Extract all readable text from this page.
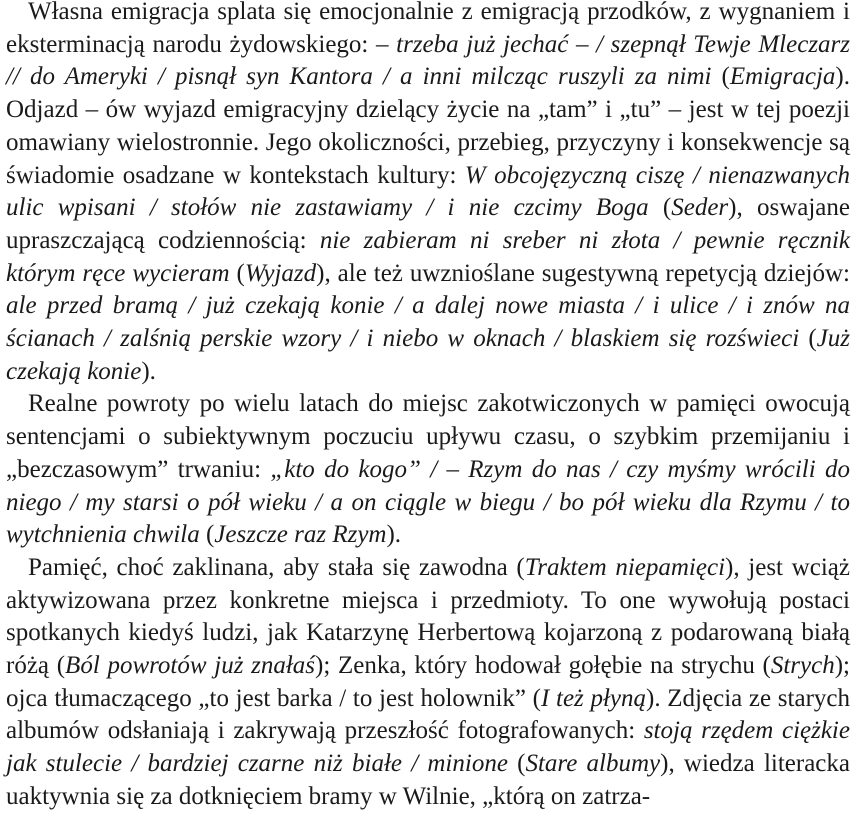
Własna emigracja splata się emocjonalnie z emigracją przodków, z wygnaniem i eksterminacją narodu żydowskiego: – trzeba już jechać – / szepnął Tewje Mleczarz // do Ameryki / pisnął syn Kantora / a inni milcząc ruszyli za nimi (Emigracja). Odjazd – ów wyjazd emigracyjny dzielący życie na „tam” i „tu” – jest w tej poezji omawiany wielostronnie. Jego okoliczności, przebieg, przyczyny i konsekwencje są świadomie osadzane w kontekstach kultury: W obcojęzyczną ciszę / nienazwanych ulic wpisani / stołów nie zastawiamy / i nie czcimy Boga (Seder), oswajane upraszczającą codziennością: nie zabieram ni sreber ni złota / pewnie ręcznik którym ręce wycieram (Wyjazd), ale też uwznioślane sugestywną repetycją dziejów: ale przed bramą / już czekają konie / a dalej nowe miasta / i ulice / i znów na ścianach / zalśnią perskie wzory / i niebo w oknach / blaskiem się rozświeci (Już czekają konie).

Realne powroty po wielu latach do miejsc zakotwiczonych w pamięci owocują sentencjami o subiektywnym poczuciu upływu czasu, o szybkim przemijaniu i „bezczasowym” trwaniu: „kto do kogo” / – Rzym do nas / czy myśmy wrócili do niego / my starsi o pół wieku / a on ciągle w biegu / bo pół wieku dla Rzymu / to wytchnienia chwila (Jeszcze raz Rzym).

Pamięć, choć zaklinana, aby stała się zawodna (Traktem niepamięci), jest wciąż aktywizowana przez konkretne miejsca i przedmioty. To one wywołują postaci spotkanych kiedyś ludzi, jak Katarzynę Herbertową kojarzoną z podarowaną białą różą (Ból powrotów już znałaś); Zenka, który hodował gołębie na strychu (Strych); ojca tłumaczącego „to jest barka / to jest holownik” (I też płyną). Zdjęcia ze starych albumów odsłaniają i zakrywają przeszłość fotografowanych: stoją rzędem ciężkie jak stulecie / bardziej czarne niż białe / minione (Stare albumy), wiedza literacka uaktywnia się za dotknięciem bramy w Wilnie, „którą on zatrza-
